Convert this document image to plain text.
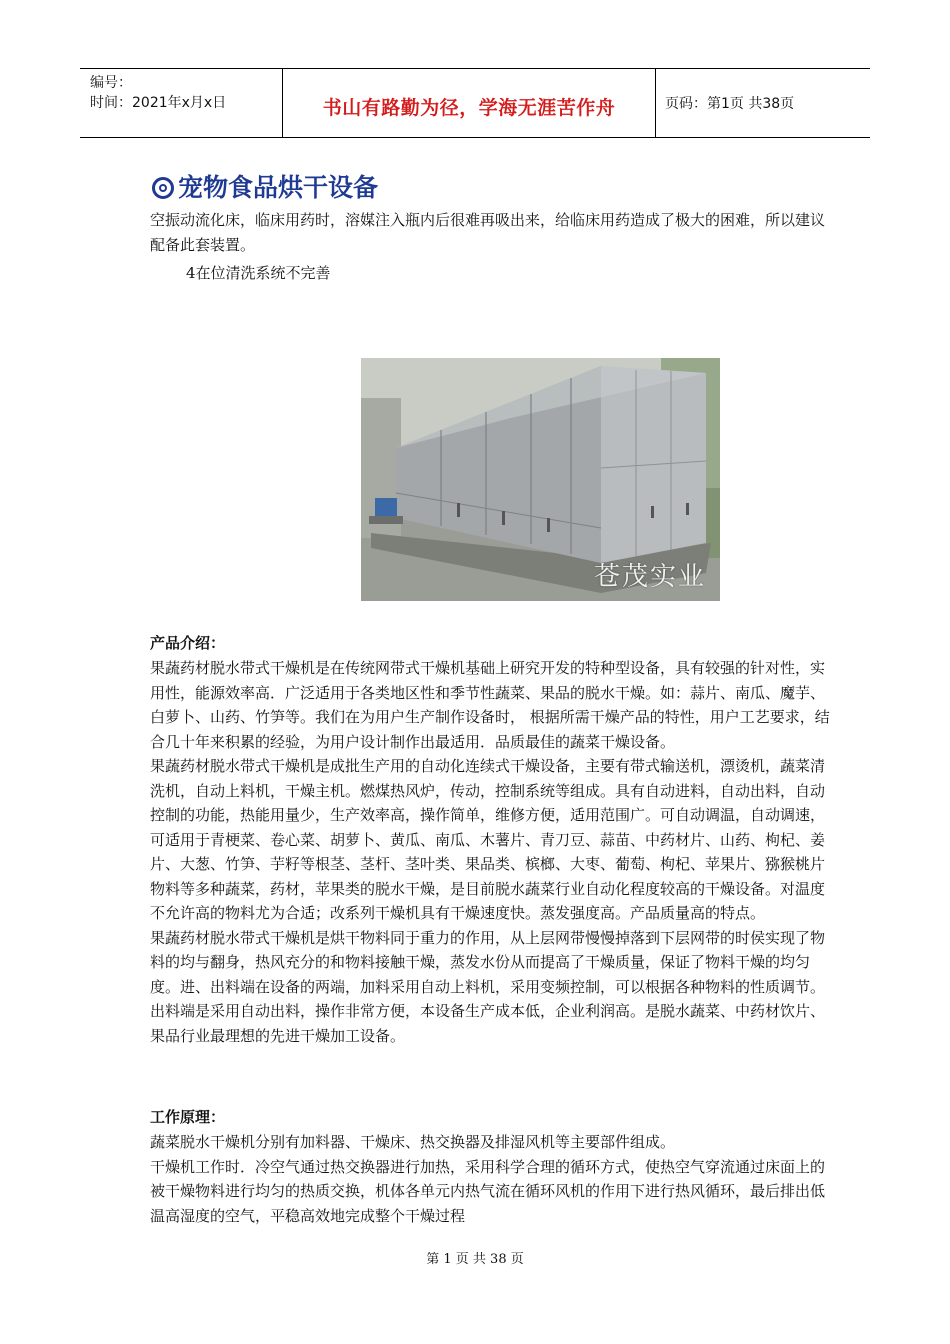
编号：
时间：2021年x月x日	书山有路勤为径，学海无涯苦作舟	页码：第1页 共38页
宠物食品烘干设备
空振动流化床，临床用药时，溶媒注入瓶内后很难再吸出来，给临床用药造成了极大的困难，所以建议配备此套装置。
4在位清洗系统不完善
苍茂实业
产品介绍：

果蔬药材脱水带式干燥机是在传统网带式干燥机基础上研究开发的特种型设备，具有较强的针对性，实用性，能源效率高．广泛适用于各类地区性和季节性蔬菜、果品的脱水干燥。如：蒜片、南瓜、魔芋、白萝卜、山药、竹笋等。我们在为用户生产制作设备时， 根据所需干燥产品的特性，用户工艺要求，结合几十年来积累的经验，为用户设计制作出最适用．品质最佳的蔬菜干燥设备。

果蔬药材脱水带式干燥机是成批生产用的自动化连续式干燥设备，主要有带式输送机，漂烫机，蔬菜清洗机，自动上料机，干燥主机。燃煤热风炉，传动，控制系统等组成。具有自动进料，自动出料，自动控制的功能，热能用量少，生产效率高，操作简单，维修方便，适用范围广。可自动调温，自动调速，可适用于青梗菜、卷心菜、胡萝卜、黄瓜、南瓜、木薯片、青刀豆、蒜苗、中药材片、山药、枸杞、姜片、大葱、竹笋、芋籽等根茎、茎杆、茎叶类、果品类、槟榔、大枣、葡萄、枸杞、苹果片、猕猴桃片物料等多种蔬菜，药材，苹果类的脱水干燥，是目前脱水蔬菜行业自动化程度较高的干燥设备。对温度不允许高的物料尤为合适；改系列干燥机具有干燥速度快。蒸发强度高。产品质量高的特点。

果蔬药材脱水带式干燥机是烘干物料同于重力的作用，从上层网带慢慢掉落到下层网带的时侯实现了物料的均与翻身，热风充分的和物料接触干燥，蒸发水份从而提高了干燥质量，保证了物料干燥的均匀度。进、出料端在设备的两端，加料采用自动上料机，采用变频控制，可以根据各种物料的性质调节。出料端是采用自动出料，操作非常方便，本设备生产成本低，企业利润高。是脱水蔬菜、中药材饮片、果品行业最理想的先进干燥加工设备。

工作原理：

蔬菜脱水干燥机分别有加料器、干燥床、热交换器及排湿风机等主要部件组成。

干燥机工作时．冷空气通过热交换器进行加热，采用科学合理的循环方式，使热空气穿流通过床面上的被干燥物料进行均匀的热质交换，机体各单元内热气流在循环风机的作用下进行热风循环，最后排出低温高湿度的空气，平稳高效地完成整个干燥过程

第 1 页 共 38 页
